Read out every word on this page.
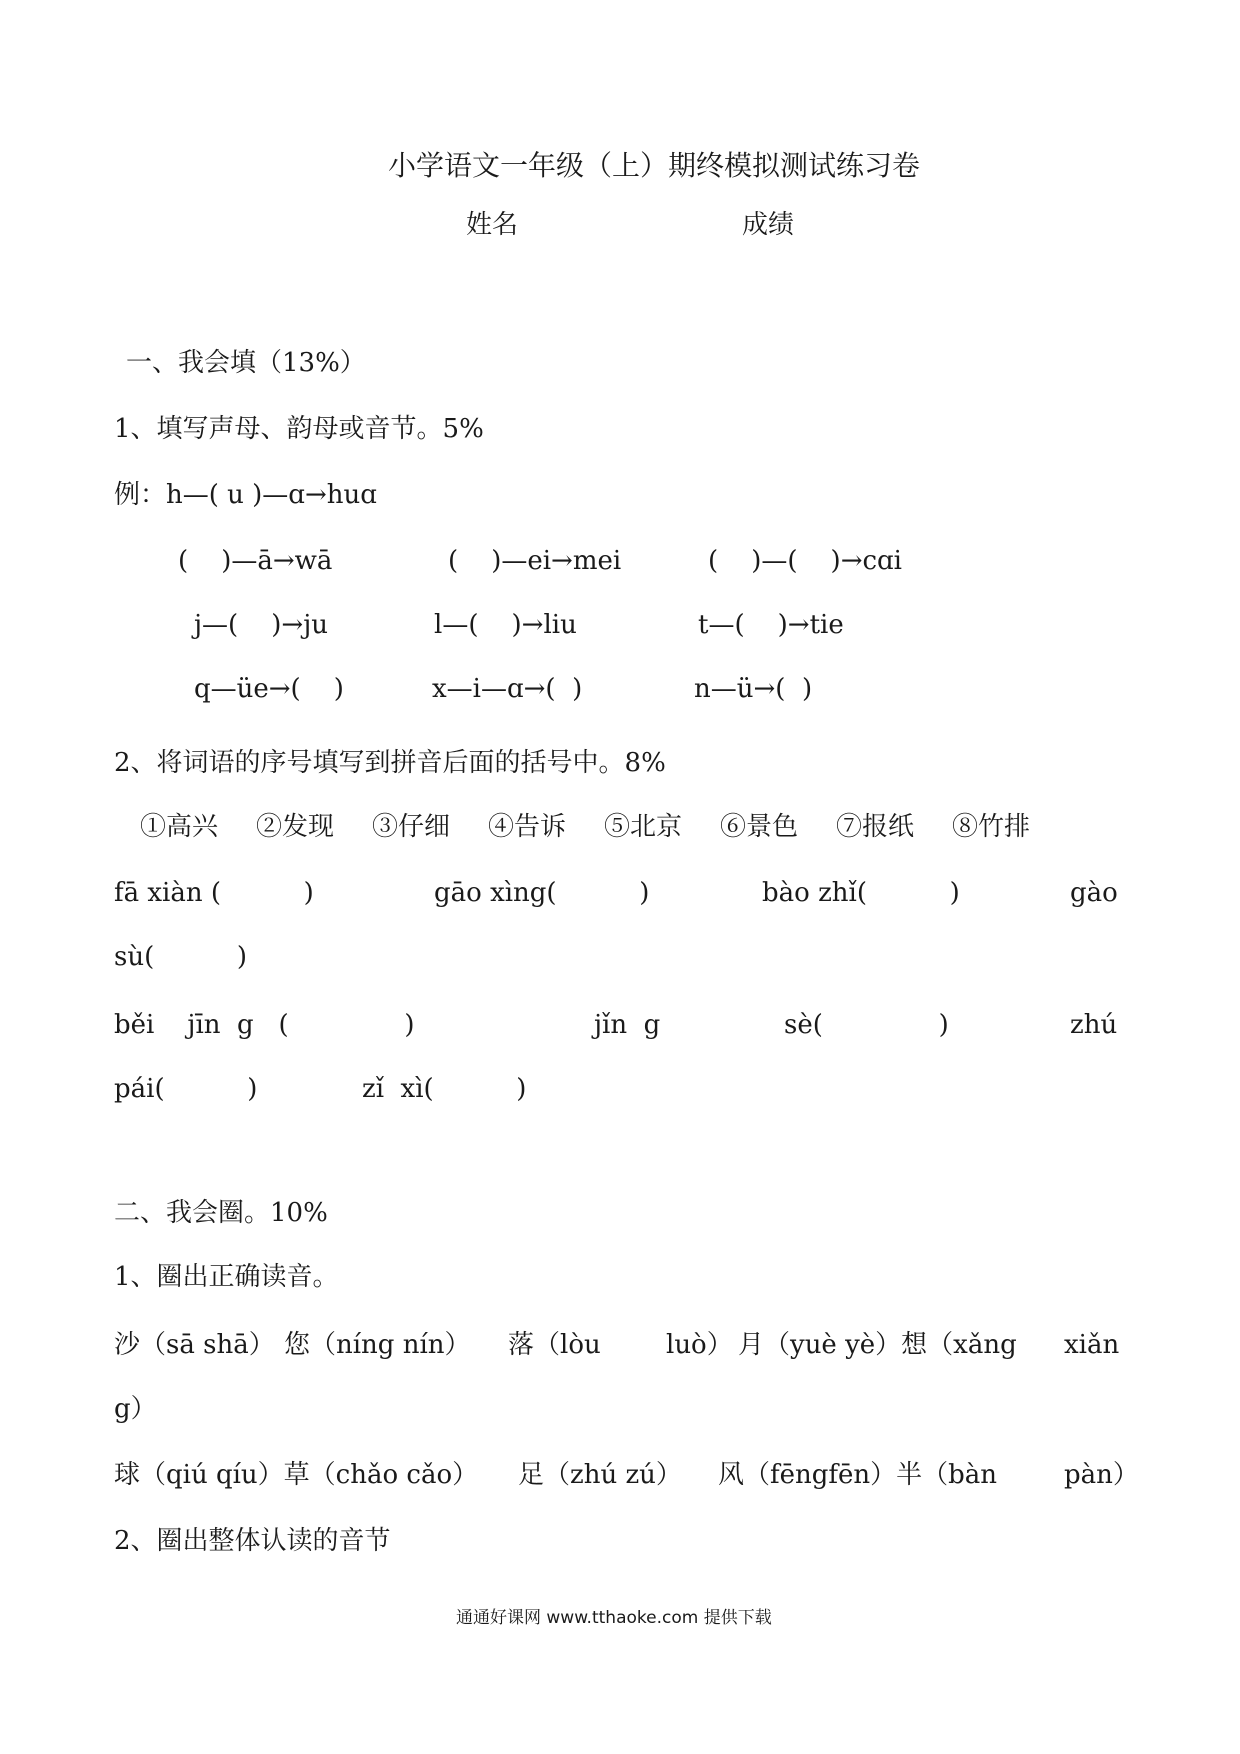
小学语文一年级（上）期终模拟测试练习卷
姓名	成绩
一、我会填（13%）
1、填写声母、韵母或音节。5%
例：h—( u )—ɑ→huɑ
(    )—ā→wā	(    )—ei→mei	(    )—(    )→cɑi
j—(    )→ju	l—(    )→liu	t—(    )→tie
q—üe→(    )	x—i—ɑ→(  )	n—ü→(  )
2、将词语的序号填写到拼音后面的括号中。8%
①高兴 ②发现 ③仔细 ④告诉 ⑤北京 ⑥景色 ⑦报纸 ⑧竹排
fā xiàn (          )	gāo xìng(          )	bào zhǐ(          )	gào
sù(          )
běi    jīn  g   (              )	jǐn  g	sè(              )	zhú
pái(          )	zǐ  xì(          )
二、我会圈。10%
1、圈出正确读音。
沙（sā shā） 您（níng nín） 落（lòu	luò） 月（yuè yè）想（xǎng xiǎn
g）
球（qiú qíu）草（chǎo cǎo） 足（zhú zú） 风（fēngfēn）半（bàn	pàn）
2、圈出整体认读的音节
通通好课网 www.tthaoke.com 提供下载
